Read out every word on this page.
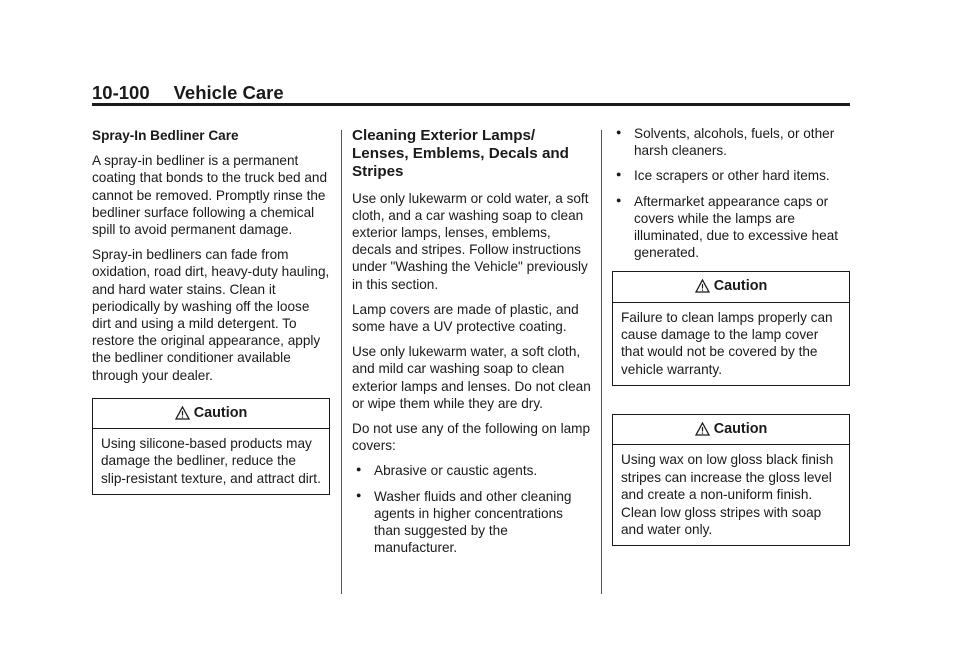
10-100 Vehicle Care

Spray-In Bedliner Care

A spray-in bedliner is a permanent coating that bonds to the truck bed and cannot be removed. Promptly rinse the bedliner surface following a chemical spill to avoid permanent damage.

Spray-in bedliners can fade from oxidation, road dirt, heavy-duty hauling, and hard water stains. Clean it periodically by washing off the loose dirt and using a mild detergent. To restore the original appearance, apply the bedliner conditioner available through your dealer.

Caution
Using silicone-based products may damage the bedliner, reduce the slip-resistant texture, and attract dirt.

Cleaning Exterior Lamps/ Lenses, Emblems, Decals and Stripes

Use only lukewarm or cold water, a soft cloth, and a car washing soap to clean exterior lamps, lenses, emblems, decals and stripes. Follow instructions under "Washing the Vehicle" previously in this section.

Lamp covers are made of plastic, and some have a UV protective coating.

Use only lukewarm water, a soft cloth, and mild car washing soap to clean exterior lamps and lenses. Do not clean or wipe them while they are dry.

Do not use any of the following on lamp covers:

● Abrasive or caustic agents.
● Washer fluids and other cleaning agents in higher concentrations than suggested by the manufacturer.
● Solvents, alcohols, fuels, or other harsh cleaners.
● Ice scrapers or other hard items.
● Aftermarket appearance caps or covers while the lamps are illuminated, due to excessive heat generated.
Caution
Failure to clean lamps properly can cause damage to the lamp cover that would not be covered by the vehicle warranty.
Caution
Using wax on low gloss black finish stripes can increase the gloss level and create a non-uniform finish. Clean low gloss stripes with soap and water only.
